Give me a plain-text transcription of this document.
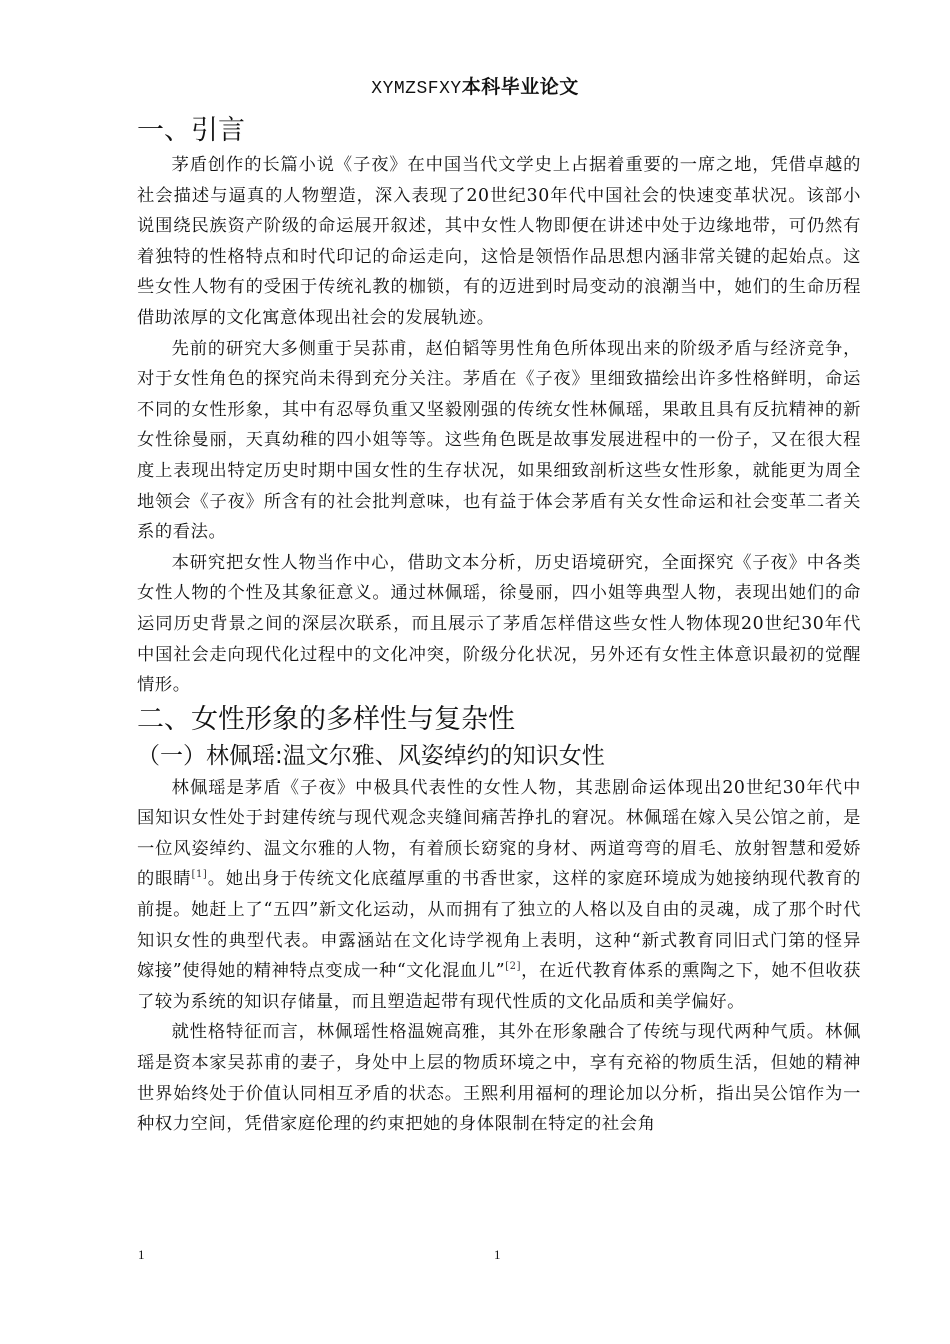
XYMZSFXY本科毕业论文
一、引言

茅盾创作的长篇小说《子夜》在中国当代文学史上占据着重要的一席之地，凭借卓越的社会描述与逼真的人物塑造，深入表现了20世纪30年代中国社会的快速变革状况。该部小说围绕民族资产阶级的命运展开叙述，其中女性人物即便在讲述中处于边缘地带，可仍然有着独特的性格特点和时代印记的命运走向，这恰是领悟作品思想内涵非常关键的起始点。这些女性人物有的受困于传统礼教的枷锁，有的迈进到时局变动的浪潮当中，她们的生命历程借助浓厚的文化寓意体现出社会的发展轨迹。

先前的研究大多侧重于吴荪甫，赵伯韬等男性角色所体现出来的阶级矛盾与经济竞争，对于女性角色的探究尚未得到充分关注。茅盾在《子夜》里细致描绘出许多性格鲜明，命运不同的女性形象，其中有忍辱负重又坚毅刚强的传统女性林佩瑶，果敢且具有反抗精神的新女性徐曼丽，天真幼稚的四小姐等等。这些角色既是故事发展进程中的一份子，又在很大程度上表现出特定历史时期中国女性的生存状况，如果细致剖析这些女性形象，就能更为周全地领会《子夜》所含有的社会批判意味，也有益于体会茅盾有关女性命运和社会变革二者关系的看法。

本研究把女性人物当作中心，借助文本分析，历史语境研究，全面探究《子夜》中各类女性人物的个性及其象征意义。通过林佩瑶，徐曼丽，四小姐等典型人物，表现出她们的命运同历史背景之间的深层次联系，而且展示了茅盾怎样借这些女性人物体现20世纪30年代中国社会走向现代化过程中的文化冲突，阶级分化状况，另外还有女性主体意识最初的觉醒情形。

二、女性形象的多样性与复杂性
（一）林佩瑶:温文尔雅、风姿绰约的知识女性

林佩瑶是茅盾《子夜》中极具代表性的女性人物，其悲剧命运体现出20世纪30年代中国知识女性处于封建传统与现代观念夹缝间痛苦挣扎的窘况。林佩瑶在嫁入吴公馆之前，是一位风姿绰约、温文尔雅的人物，有着颀长窈窕的身材、两道弯弯的眉毛、放射智慧和爱娇的眼睛[1]。她出身于传统文化底蕴厚重的书香世家，这样的家庭环境成为她接纳现代教育的前提。她赶上了“五四”新文化运动，从而拥有了独立的人格以及自由的灵魂，成了那个时代知识女性的典型代表。申露涵站在文化诗学视角上表明，这种“新式教育同旧式门第的怪异嫁接”使得她的精神特点变成一种“文化混血儿”[2]，在近代教育体系的熏陶之下，她不但收获了较为系统的知识存储量，而且塑造起带有现代性质的文化品质和美学偏好。

就性格特征而言，林佩瑶性格温婉高雅，其外在形象融合了传统与现代两种气质。林佩瑶是资本家吴荪甫的妻子，身处中上层的物质环境之中，享有充裕的物质生活，但她的精神世界始终处于价值认同相互矛盾的状态。王熙利用福柯的理论加以分析，指出吴公馆作为一种权力空间，凭借家庭伦理的约束把她的身体限制在特定的社会角

1	1
